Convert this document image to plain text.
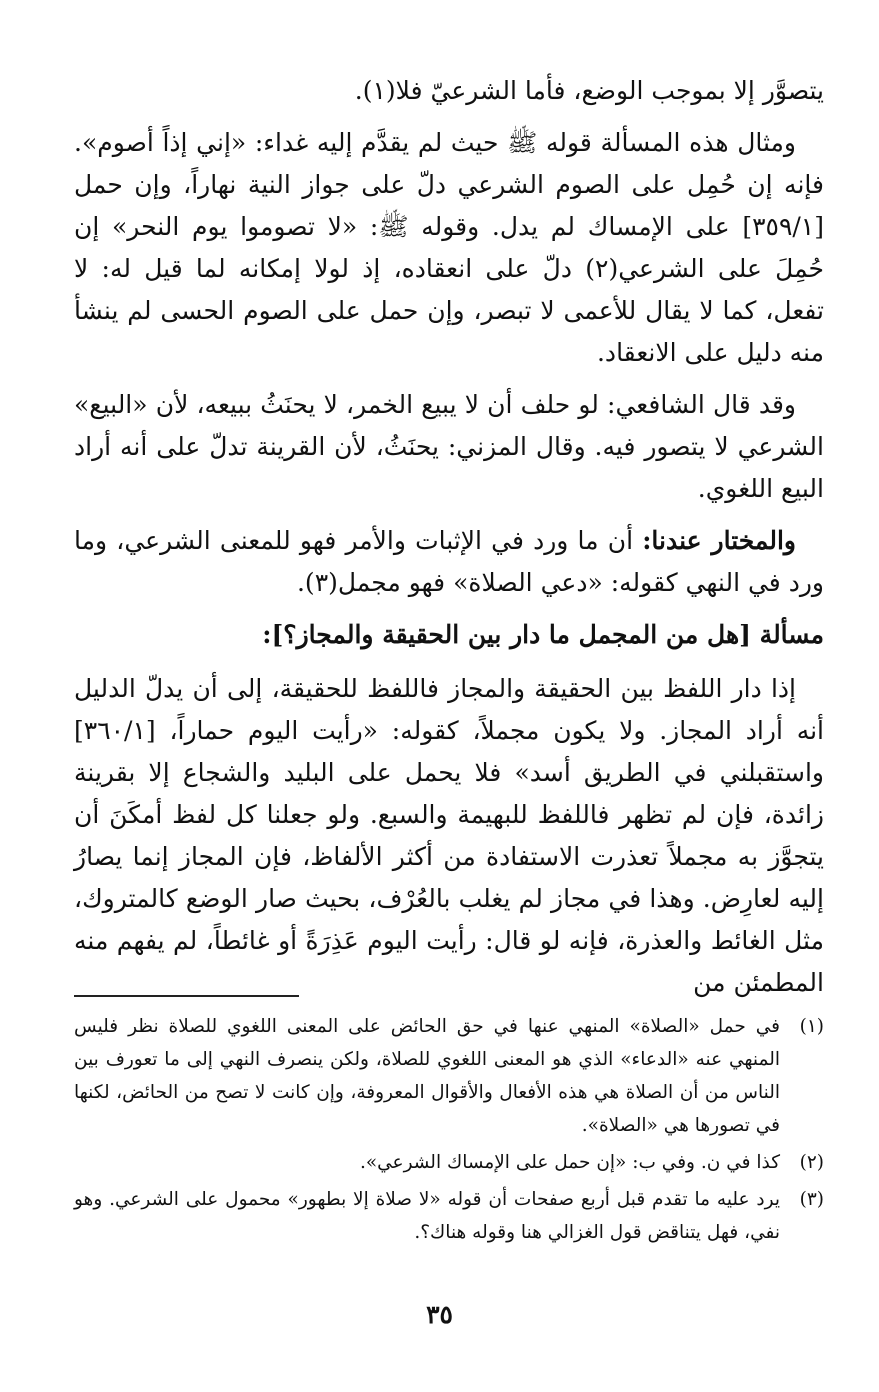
يتصوَّر إلا بموجب الوضع، فأما الشرعيّ فلا(١).

ومثال هذه المسألة قوله ﷺ حيث لم يقدَّم إليه غداء: «إني إذاً أصوم». فإنه إن حُمِل على الصوم الشرعي دلّ على جواز النية نهاراً، وإن حمل [٣٥٩/١] على الإمساك لم يدل. وقوله ﷺ: «لا تصوموا يوم النحر» إن حُمِلَ على الشرعي(٢) دلّ على انعقاده، إذ لولا إمكانه لما قيل له: لا تفعل، كما لا يقال للأعمى لا تبصر، وإن حمل على الصوم الحسى لم ينشأ منه دليل على الانعقاد.

وقد قال الشافعي: لو حلف أن لا يبيع الخمر، لا يحنَثُ ببيعه، لأن «البيع» الشرعي لا يتصور فيه. وقال المزني: يحنَثُ، لأن القرينة تدلّ على أنه أراد البيع اللغوي.

والمختار عندنا: أن ما ورد في الإثبات والأمر فهو للمعنى الشرعي، وما ورد في النهي كقوله: «دعي الصلاة» فهو مجمل(٣).

مسألة [هل من المجمل ما دار بين الحقيقة والمجاز؟]:

إذا دار اللفظ بين الحقيقة والمجاز فاللفظ للحقيقة، إلى أن يدلّ الدليل أنه أراد المجاز. ولا يكون مجملاً، كقوله: «رأيت اليوم حماراً، [٣٦٠/١] واستقبلني في الطريق أسد» فلا يحمل على البليد والشجاع إلا بقرينة زائدة، فإن لم تظهر فاللفظ للبهيمة والسبع. ولو جعلنا كل لفظ أمكَنَ أن يتجوَّز به مجملاً تعذرت الاستفادة من أكثر الألفاظ، فإن المجاز إنما يصارُ إليه لعارِض. وهذا في مجاز لم يغلب بالعُرْف، بحيث صار الوضع كالمتروك، مثل الغائط والعذرة، فإنه لو قال: رأيت اليوم عَذِرَةً أو غائطاً، لم يفهم منه المطمئن من

(١)
في حمل «الصلاة» المنهي عنها في حق الحائض على المعنى اللغوي للصلاة نظر فليس المنهي عنه «الدعاء» الذي هو المعنى اللغوي للصلاة، ولكن ينصرف النهي إلى ما تعورف بين الناس من أن الصلاة هي هذه الأفعال والأقوال المعروفة، وإن كانت لا تصح من الحائض، لكنها في تصورها هي «الصلاة».
(٢)
كذا في ن. وفي ب: «إن حمل على الإمساك الشرعي».
(٣)
يرد عليه ما تقدم قبل أربع صفحات أن قوله «لا صلاة إلا بطهور» محمول على الشرعي. وهو نفي، فهل يتناقض قول الغزالي هنا وقوله هناك؟.
٣٥
